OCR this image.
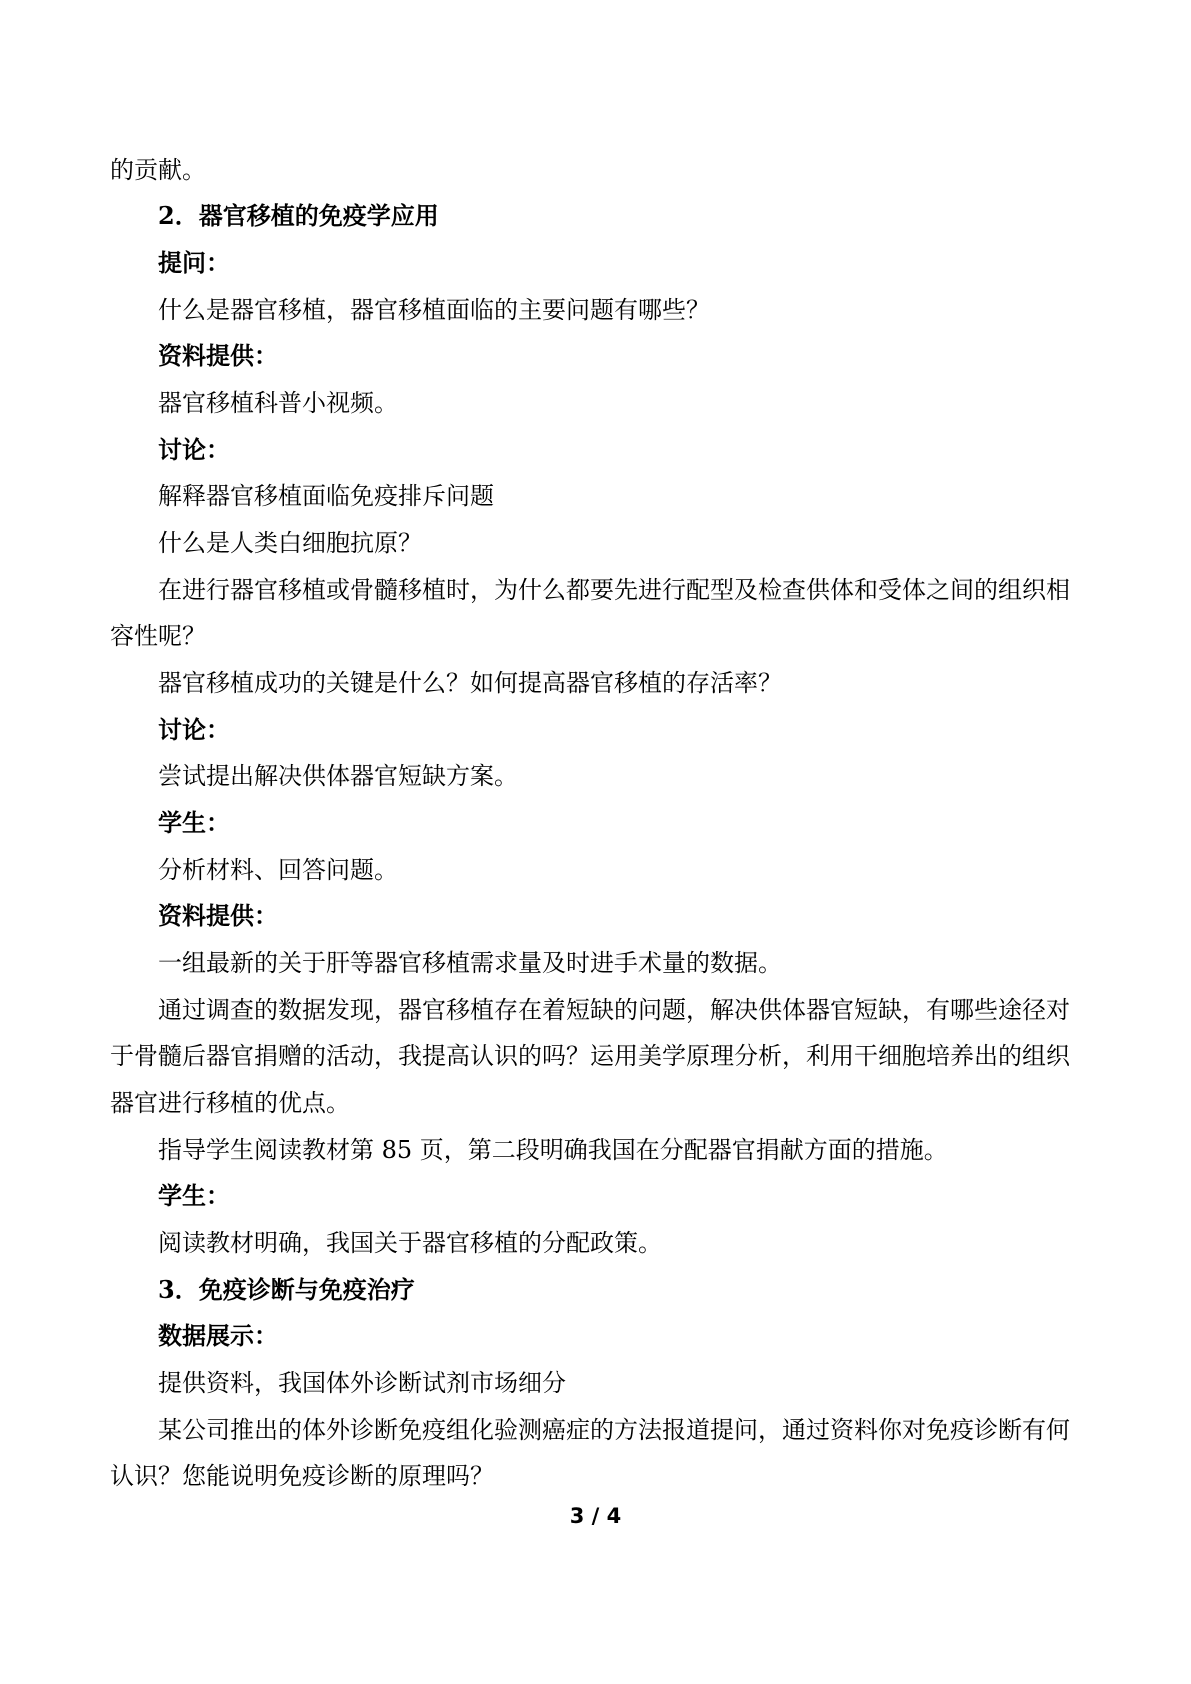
的贡献。
2．器官移植的免疫学应用
提问：
什么是器官移植，器官移植面临的主要问题有哪些？
资料提供：
器官移植科普小视频。
讨论：
解释器官移植面临免疫排斥问题
什么是人类白细胞抗原？
在进行器官移植或骨髓移植时，为什么都要先进行配型及检查供体和受体之间的组织相
容性呢？
器官移植成功的关键是什么？如何提高器官移植的存活率？
讨论：
尝试提出解决供体器官短缺方案。
学生：
分析材料、回答问题。
资料提供：
一组最新的关于肝等器官移植需求量及时进手术量的数据。
通过调查的数据发现，器官移植存在着短缺的问题，解决供体器官短缺，有哪些途径对
于骨髓后器官捐赠的活动，我提高认识的吗？运用美学原理分析，利用干细胞培养出的组织
器官进行移植的优点。
指导学生阅读教材第 85 页，第二段明确我国在分配器官捐献方面的措施。
学生：
阅读教材明确，我国关于器官移植的分配政策。
3．免疫诊断与免疫治疗
数据展示：
提供资料，我国体外诊断试剂市场细分
某公司推出的体外诊断免疫组化验测癌症的方法报道提问，通过资料你对免疫诊断有何
认识？您能说明免疫诊断的原理吗？
3 / 4
